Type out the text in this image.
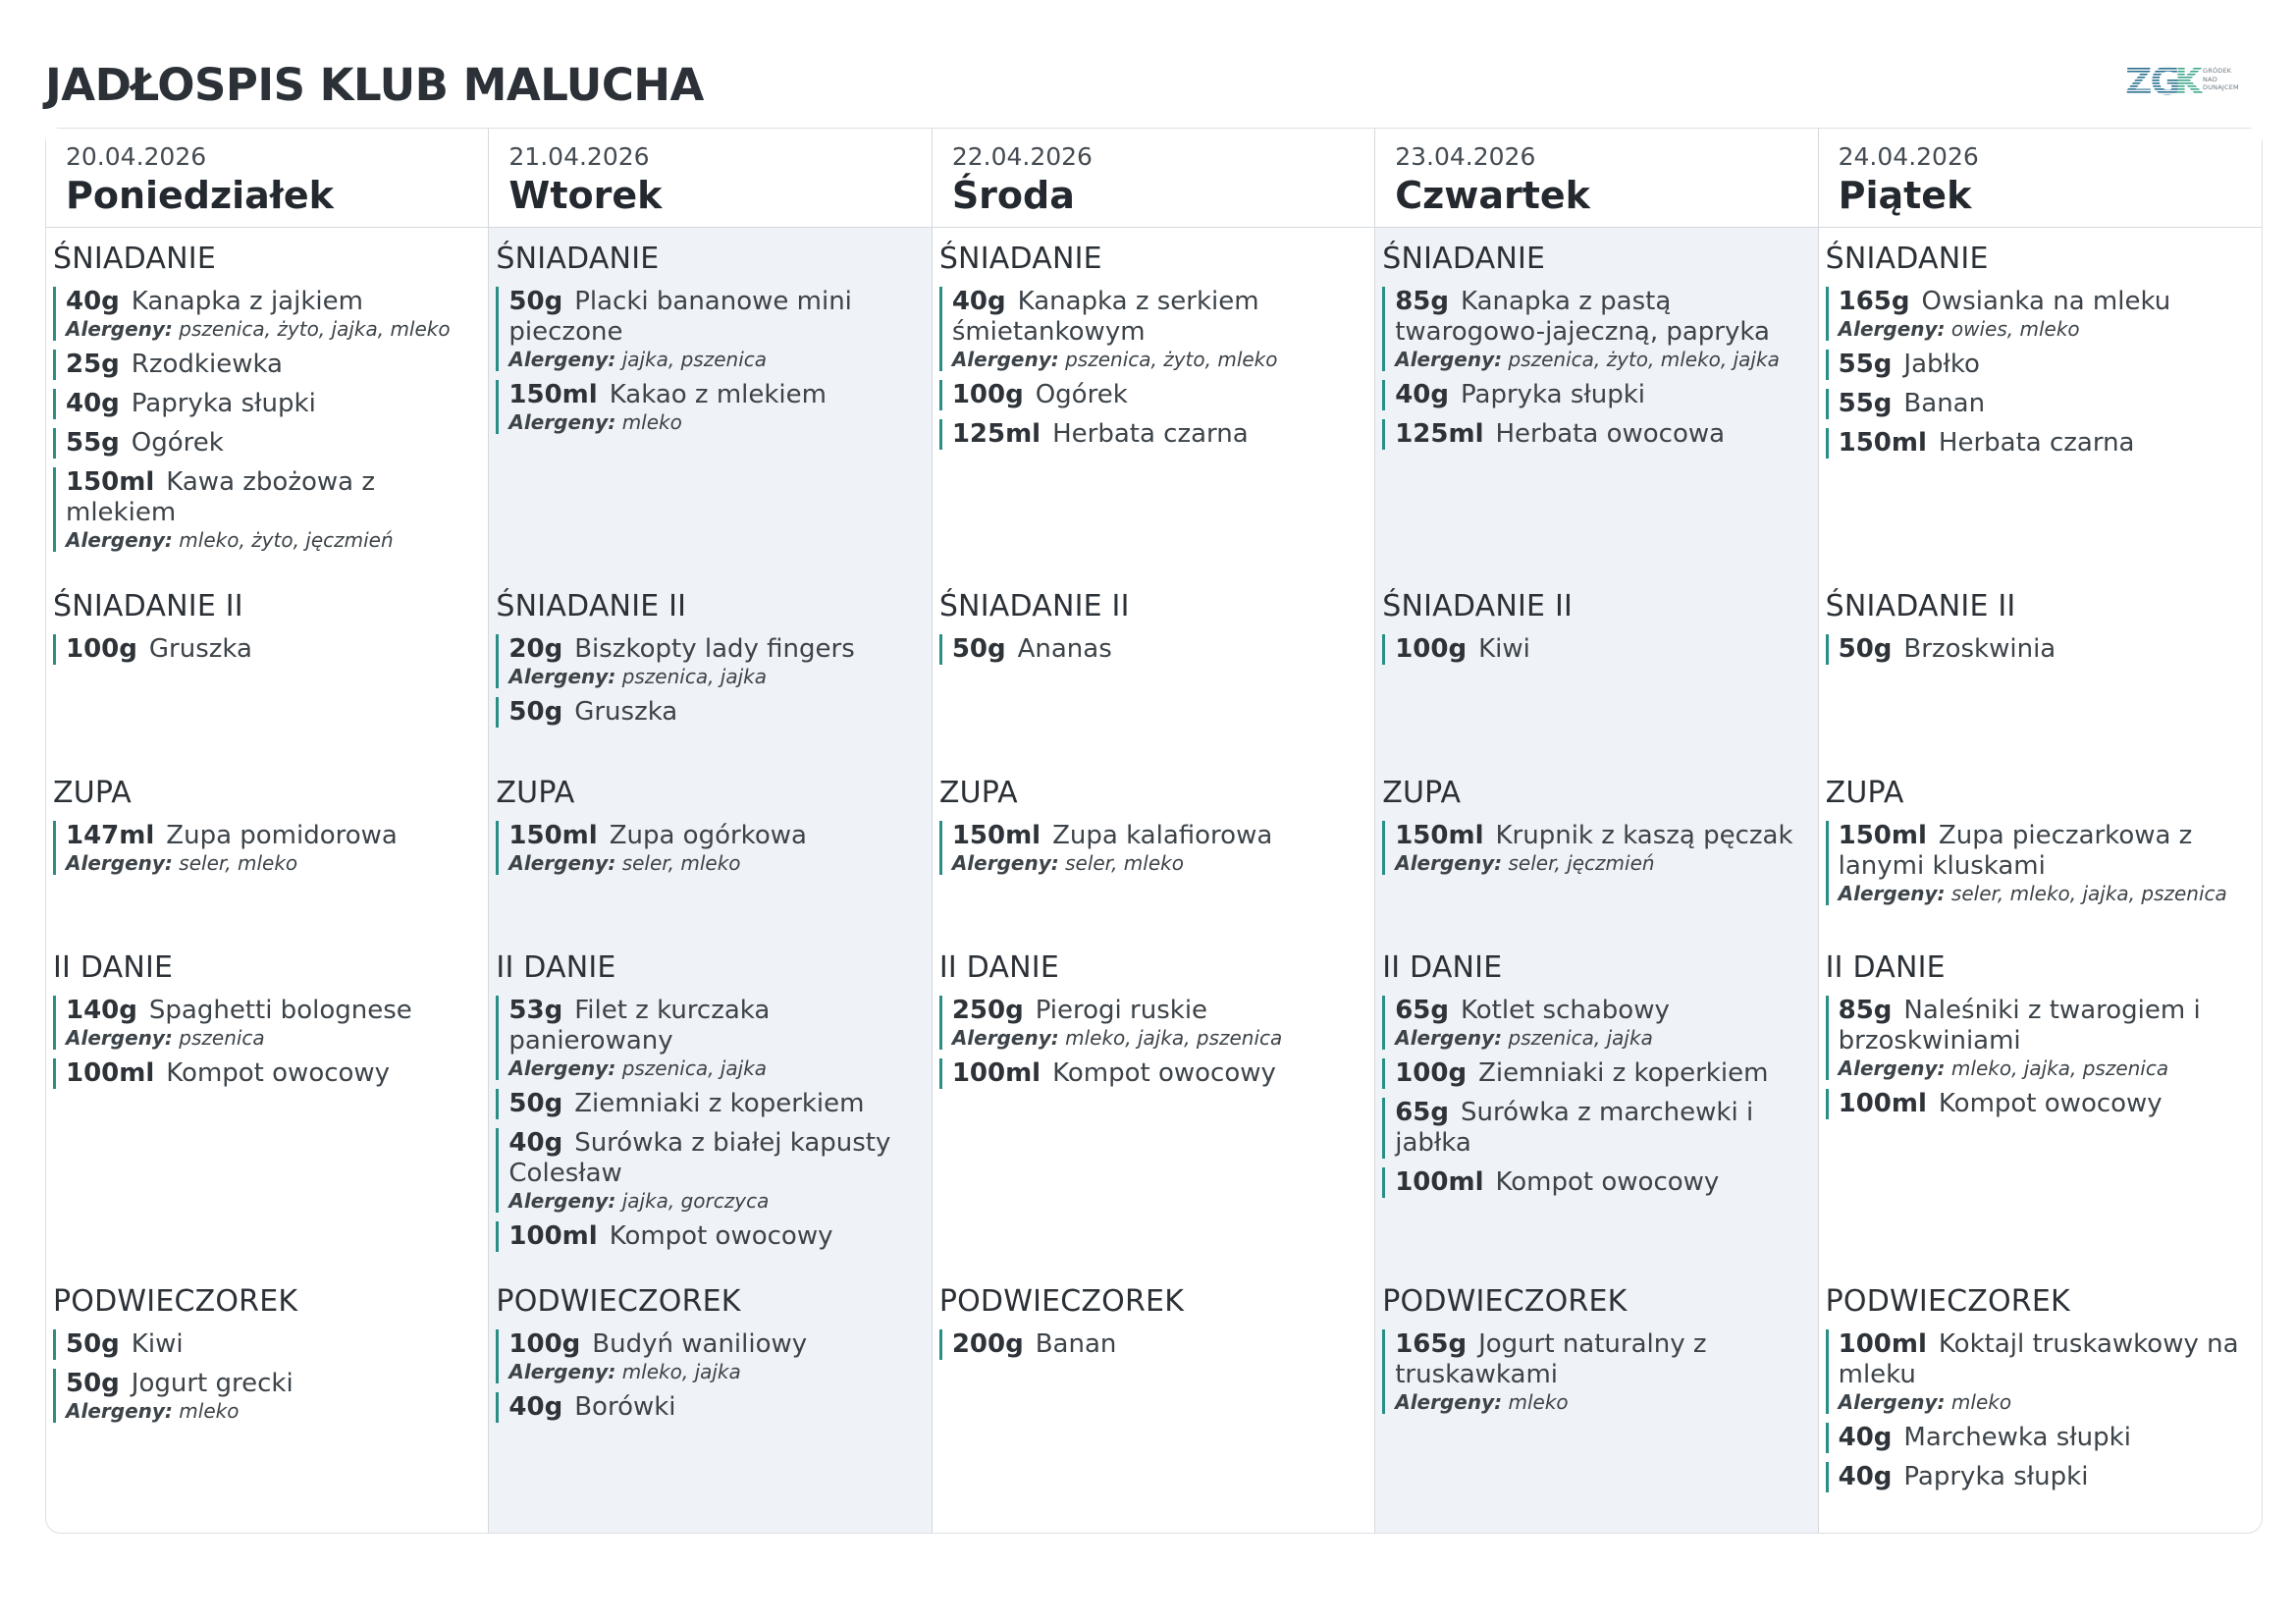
JADŁOSPIS KLUB MALUCHA	ZG
K GRÓDEK
NAD
DUNAJCEM
20.04.2026
Poniedziałek
ŚNIADANIE
40g Kanapka z jajkiem
Alergeny: pszenica, żyto, jajka, mleko
25g Rzodkiewka
40g Papryka słupki
55g Ogórek
150ml Kawa zbożowa z mlekiem
Alergeny: mleko, żyto, jęczmień
ŚNIADANIE II
100g Gruszka
ZUPA
147ml Zupa pomidorowa
Alergeny: seler, mleko
II DANIE
140g Spaghetti bolognese
Alergeny: pszenica
100ml Kompot owocowy
PODWIECZOREK
50g Kiwi
50g Jogurt grecki
Alergeny: mleko
21.04.2026
Wtorek
ŚNIADANIE
50g Placki bananowe mini pieczone
Alergeny: jajka, pszenica
150ml Kakao z mlekiem
Alergeny: mleko
ŚNIADANIE II
20g Biszkopty lady fingers
Alergeny: pszenica, jajka
50g Gruszka
ZUPA
150ml Zupa ogórkowa
Alergeny: seler, mleko
II DANIE
53g Filet z kurczaka panierowany
Alergeny: pszenica, jajka
50g Ziemniaki z koperkiem
40g Surówka z białej kapusty Colesław
Alergeny: jajka, gorczyca
100ml Kompot owocowy
PODWIECZOREK
100g Budyń waniliowy
Alergeny: mleko, jajka
40g Borówki
22.04.2026
Środa
ŚNIADANIE
40g Kanapka z serkiem śmietankowym
Alergeny: pszenica, żyto, mleko
100g Ogórek
125ml Herbata czarna
ŚNIADANIE II
50g Ananas
ZUPA
150ml Zupa kalafiorowa
Alergeny: seler, mleko
II DANIE
250g Pierogi ruskie
Alergeny: mleko, jajka, pszenica
100ml Kompot owocowy
PODWIECZOREK
200g Banan
23.04.2026
Czwartek
ŚNIADANIE
85g Kanapka z pastą twarogowo-jajeczną, papryka
Alergeny: pszenica, żyto, mleko, jajka
40g Papryka słupki
125ml Herbata owocowa
ŚNIADANIE II
100g Kiwi
ZUPA
150ml Krupnik z kaszą pęczak
Alergeny: seler, jęczmień
II DANIE
65g Kotlet schabowy
Alergeny: pszenica, jajka
100g Ziemniaki z koperkiem
65g Surówka z marchewki i jabłka
100ml Kompot owocowy
PODWIECZOREK
165g Jogurt naturalny z truskawkami
Alergeny: mleko
24.04.2026
Piątek
ŚNIADANIE
165g Owsianka na mleku
Alergeny: owies, mleko
55g Jabłko
55g Banan
150ml Herbata czarna
ŚNIADANIE II
50g Brzoskwinia
ZUPA
150ml Zupa pieczarkowa z lanymi kluskami
Alergeny: seler, mleko, jajka, pszenica
II DANIE
85g Naleśniki z twarogiem i brzoskwiniami
Alergeny: mleko, jajka, pszenica
100ml Kompot owocowy
PODWIECZOREK
100ml Koktajl truskawkowy na mleku
Alergeny: mleko
40g Marchewka słupki
40g Papryka słupki
